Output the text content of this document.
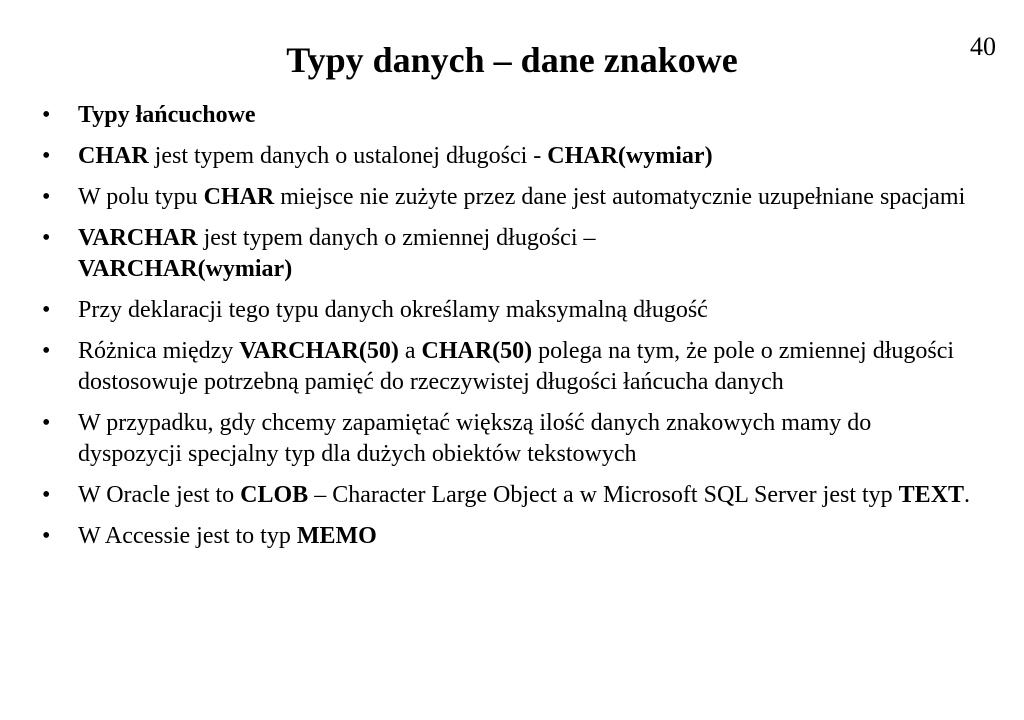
40
Typy danych – dane znakowe
• Typy łańcuchowe
• CHAR jest typem danych o ustalonej długości - CHAR(wymiar)
• W polu typu CHAR miejsce nie zużyte przez dane jest automatycznie uzupełniane spacjami
• VARCHAR jest typem danych o zmiennej długości –
VARCHAR(wymiar)
• Przy deklaracji tego typu danych określamy maksymalną długość
• Różnica między VARCHAR(50) a CHAR(50) polega na tym, że pole o zmiennej długości dostosowuje potrzebną pamięć do rzeczywistej długości łańcucha danych
• W przypadku, gdy chcemy zapamiętać większą ilość danych znakowych mamy do dyspozycji specjalny typ dla dużych obiektów tekstowych
• W Oracle jest to CLOB – Character Large Object a w Microsoft SQL Server jest typ TEXT.
• W Accessie jest to typ MEMO
